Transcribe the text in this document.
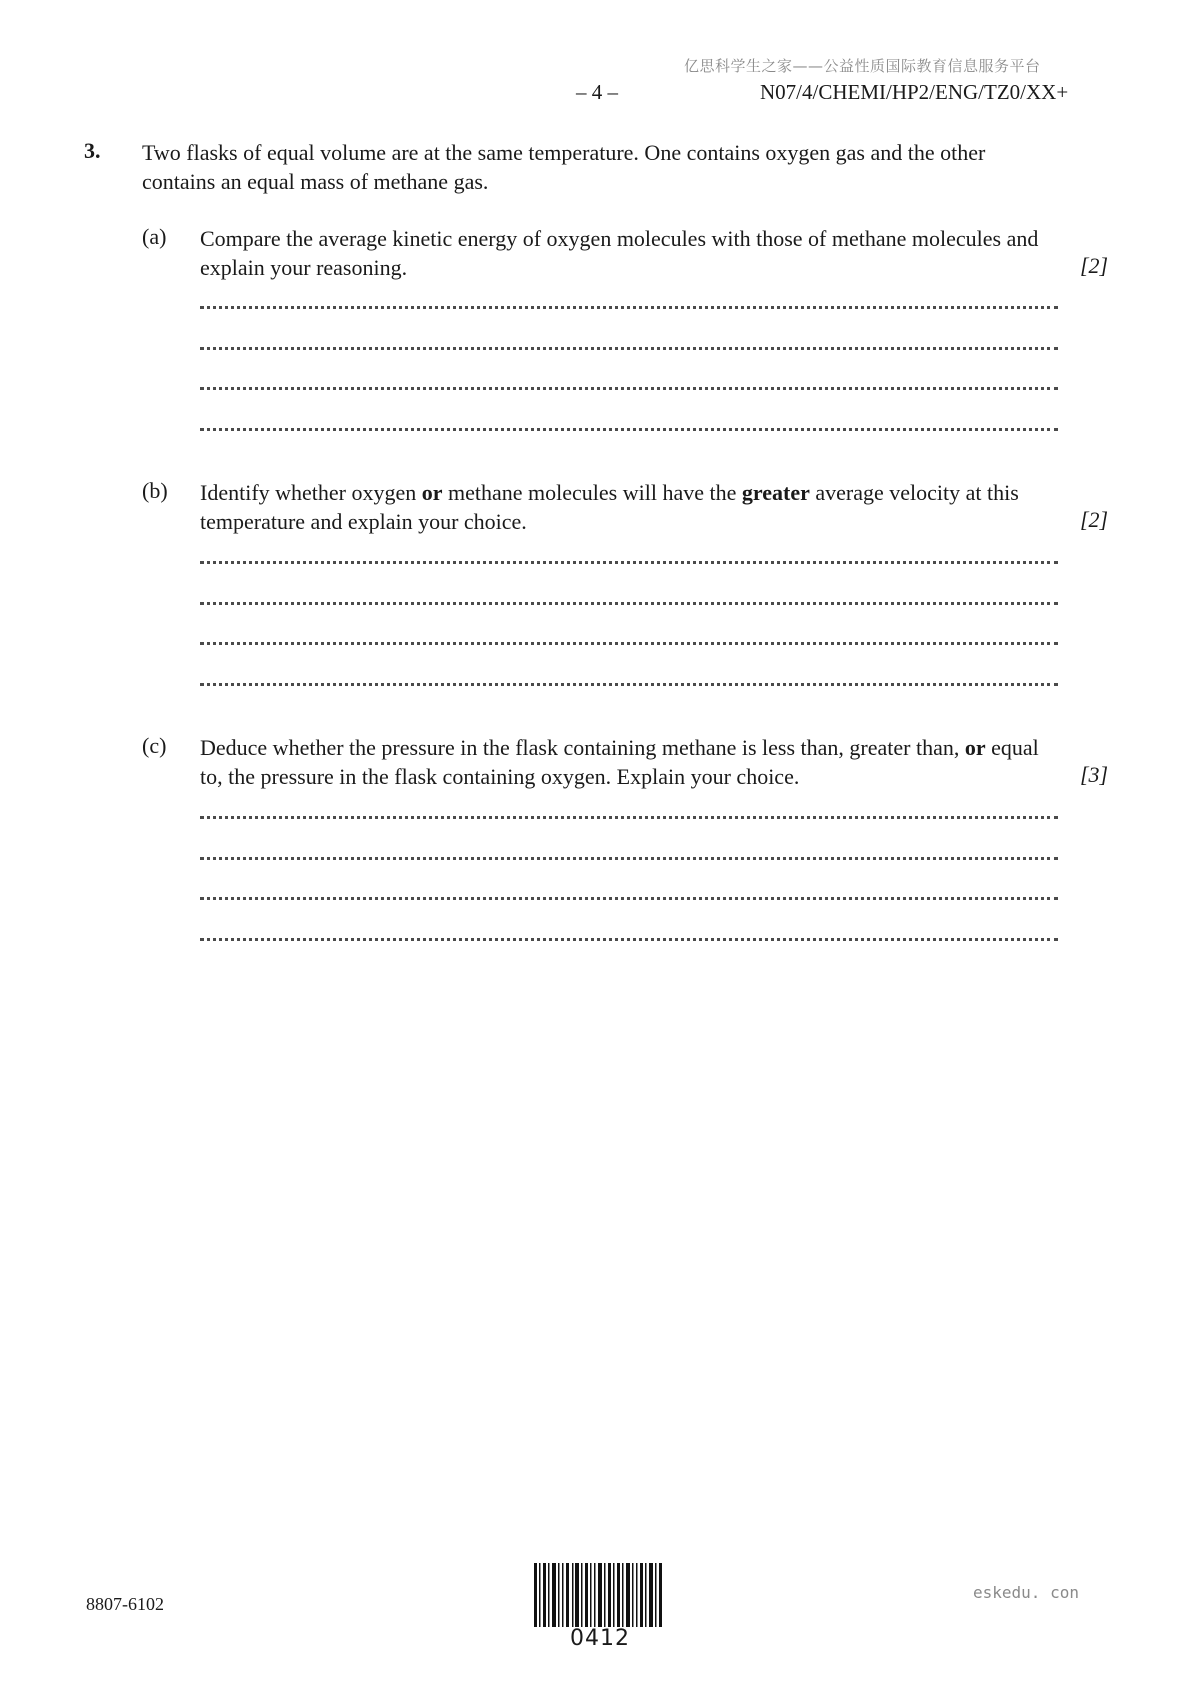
亿思科学生之家——公益性质国际教育信息服务平台
– 4 –	N07/4/CHEMI/HP2/ENG/TZ0/XX+
3. Two flasks of equal volume are at the same temperature. One contains oxygen gas and the other contains an equal mass of methane gas.
(a) Compare the average kinetic energy of oxygen molecules with those of methane molecules and explain your reasoning.	[2]
(b) Identify whether oxygen or methane molecules will have the greater average velocity at this temperature and explain your choice.	[2]
(c) Deduce whether the pressure in the flask containing methane is less than, greater than, or equal to, the pressure in the flask containing oxygen. Explain your choice.	[3]
8807-6102
0412
eskedu. con
